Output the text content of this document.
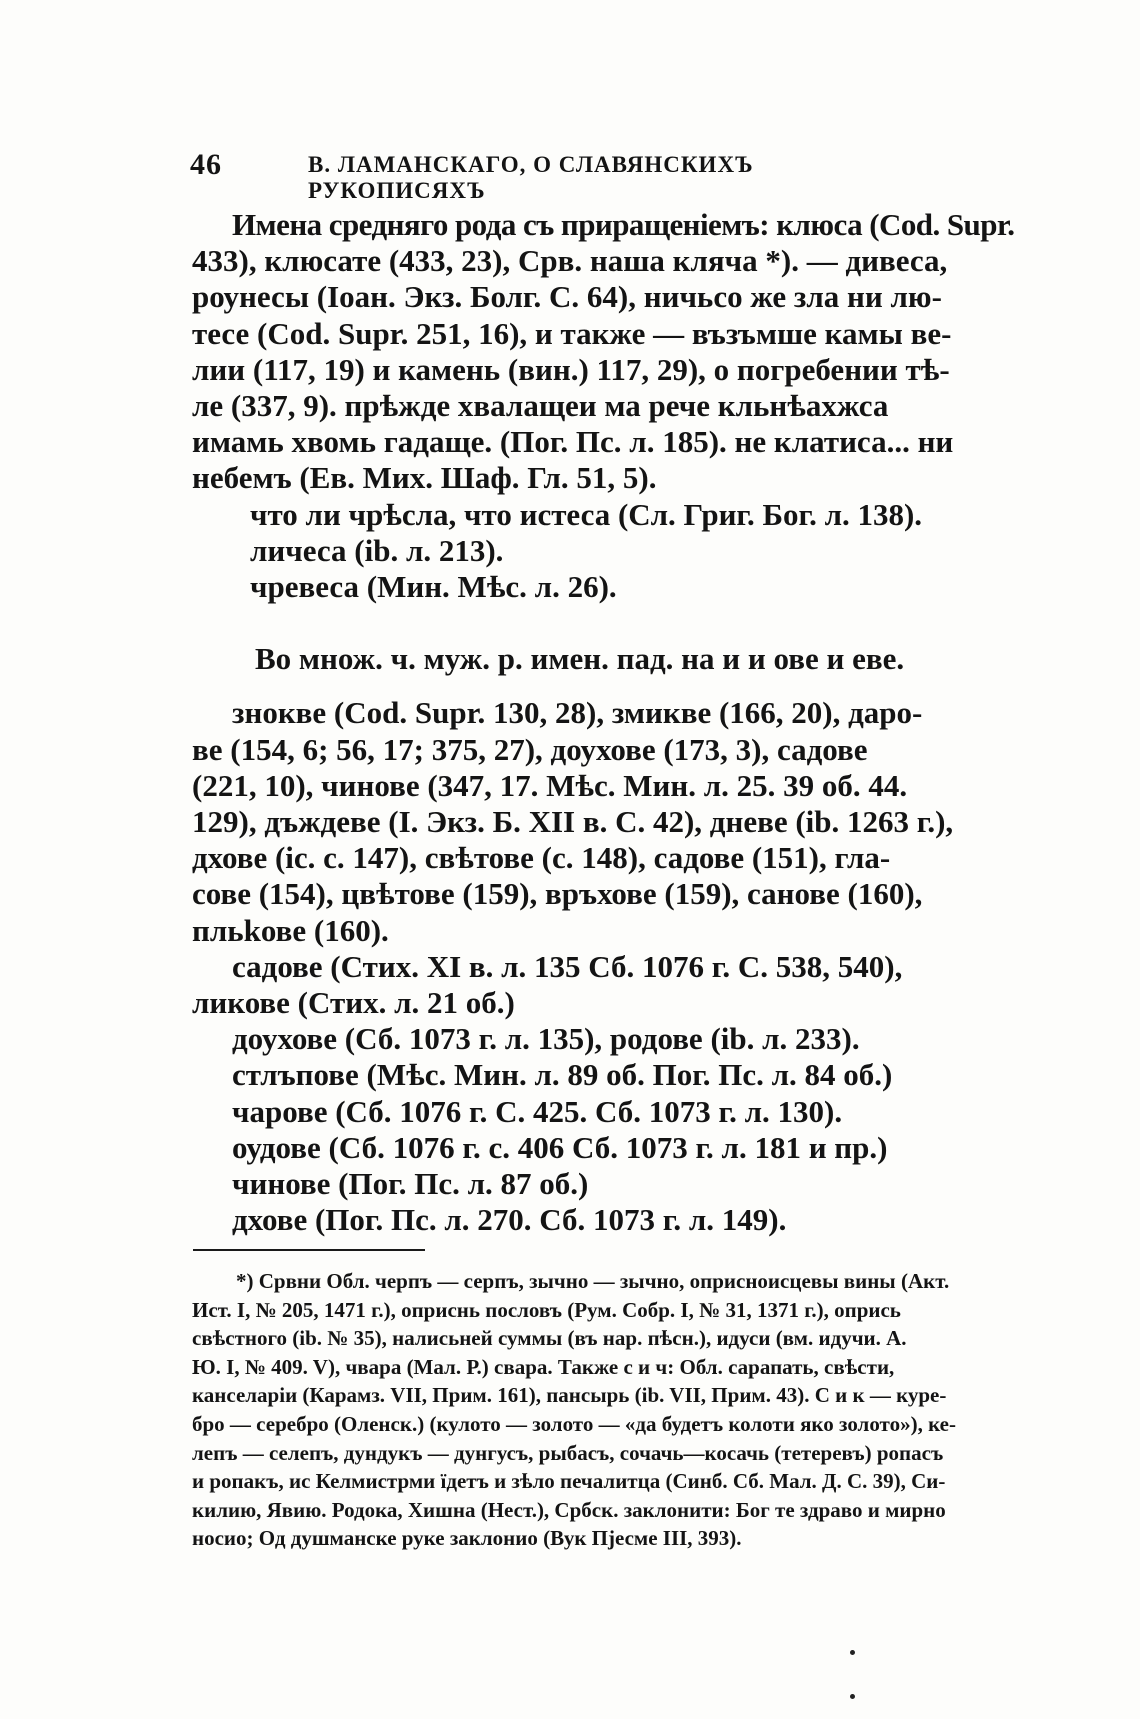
46	В. ЛАМАНСКАГО, О СЛАВЯНСКИХЪ РУКОПИСЯХЪ

Имена средняго рода съ приращеніемъ: клюса (Cod. Supr.
433), клюсате (433, 23), Срв. наша кляча *). — дивеса,
роунесы (Іоан. Экз. Болг. С. 64), ничьсо же зла ни лю-
тесе (Cod. Supr. 251, 16), и также — възъмше камы ве-
лии (117, 19) и камень (вин.) 117, 29), о погребении тѣ-
ле (337, 9). прѣжде хвалащеи ма рече кльнѣахжса
имамь хвомь гадаще. (Пог. Пс. л. 185). не клатиса... ни
небемъ (Ев. Мих. Шаф. Гл. 51, 5).
что ли чрѣсла, что истеса (Сл. Григ. Бог. л. 138).
личеса (ib. л. 213).
чревеса (Мин. Мѣс. л. 26).

Во множ. ч. муж. р. имен. пад. на и и ове и еве.

знокве (Cod. Supr. 130, 28), змикве (166, 20), даро-
ве (154, 6; 56, 17; 375, 27), доухове (173, 3), садове
(221, 10), чинове (347, 17. Мѣс. Мин. л. 25. 39 об. 44.
129), дъждеве (I. Экз. Б. XII в. С. 42), дневе (ib. 1263 г.),
дхове (ic. с. 147), свѣтове (с. 148), садове (151), гла-
сове (154), цвѣтове (159), връхове (159), санове (160),
пльkове (160).

садове (Стих. XI в. л. 135 Сб. 1076 г. С. 538, 540),
ликове (Стих. л. 21 об.)

доухове (Сб. 1073 г. л. 135), родове (ib. л. 233).
стлъпове (Мѣс. Мин. л. 89 об. Пог. Пс. л. 84 об.)
чарове (Сб. 1076 г. С. 425. Сб. 1073 г. л. 130).
оудове (Сб. 1076 г. с. 406 Сб. 1073 г. л. 181 и пр.)
чинове (Пог. Пс. л. 87 об.)
дхове (Пог. Пс. л. 270. Сб. 1073 г. л. 149).

*) Срвни Обл. черпъ — серпъ, зычно — зычно, оприсноисцевы вины (Акт.
Ист. I, № 205, 1471 г.), оприснь пословъ (Рум. Собр. I, № 31, 1371 г.), опрись
свѣстного (ib. № 35), налисьней суммы (въ нар. пѣсн.), идуси (вм. идучи. А.
Ю. I, № 409. V), чвара (Мал. Р.) свара. Также с и ч: Обл. сарапать, свѣсти,
канселаріи (Карамз. VII, Прим. 161), пансырь (ib. VII, Прим. 43). С и к — куре-
бро — серебро (Оленск.) (кулото — золото — «да будетъ колоти яко золото»), ке-
лепъ — селепъ, дундукъ — дунгусъ, рыбасъ, сочачь—косачь (тетеревъ) ропасъ
и ропакъ, ис Келмистрми їдетъ и зѣло печалитца (Синб. Сб. Мал. Д. С. 39), Си-
килию, Явию. Родока, Хишна (Нест.), Србск. заклонити: Бог те здраво и мирно
носио; Од душманске руке заклонио (Вук Пјесме III, 393).
